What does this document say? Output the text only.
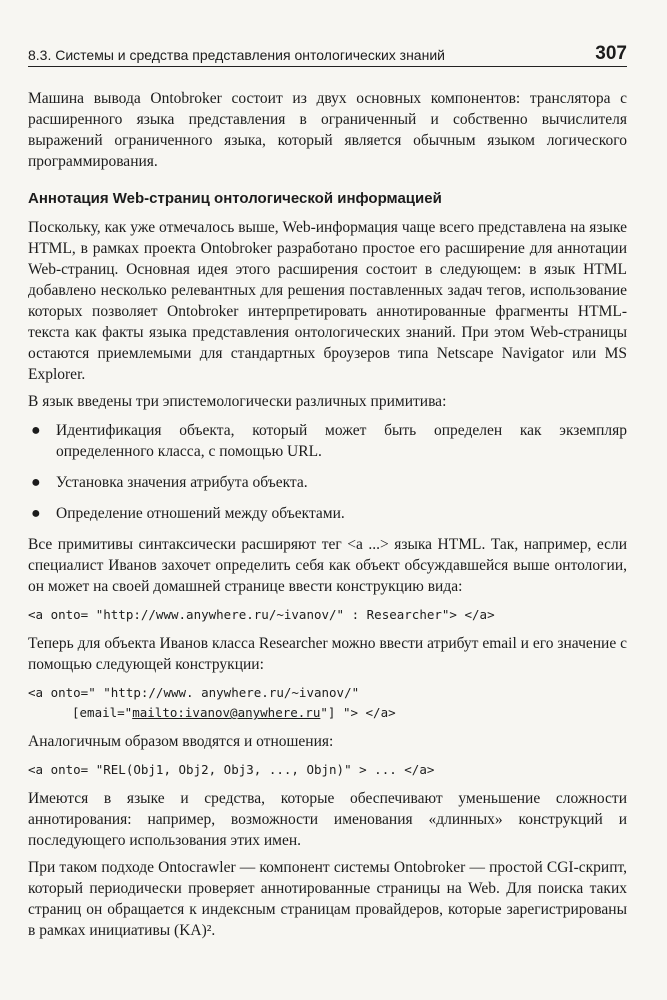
8.3. Системы и средства представления онтологических знаний	307

Машина вывода Ontobroker состоит из двух основных компонентов: транслятора с расширенного языка представления в ограниченный и собственно вычислителя выражений ограниченного языка, который является обычным языком логического программирования.

Аннотация Web-страниц онтологической информацией

Поскольку, как уже отмечалось выше, Web-информация чаще всего представлена на языке HTML, в рамках проекта Ontobroker разработано простое его расширение для аннотации Web-страниц. Основная идея этого расширения состоит в следующем: в язык HTML добавлено несколько релевантных для решения поставленных задач тегов, использование которых позволяет Ontobroker интерпретировать аннотированные фрагменты HTML-текста как факты языка представления онтологических знаний. При этом Web-страницы остаются приемлемыми для стандартных броузеров типа Netscape Navigator или MS Explorer.

В язык введены три эпистемологически различных примитива:

● Идентификация объекта, который может быть определен как экземпляр определенного класса, с помощью URL.
● Установка значения атрибута объекта.
● Определение отношений между объектами.

Все примитивы синтаксически расширяют тег <a ...> языка HTML. Так, например, если специалист Иванов захочет определить себя как объект обсуждавшейся выше онтологии, он может на своей домашней странице ввести конструкцию вида:

<a onto= "http://www.anywhere.ru/~ivanov/" : Researcher"> </a>

Теперь для объекта Иванов класса Researcher можно ввести атрибут email и его значение с помощью следующей конструкции:

<a onto=" "http://www. anywhere.ru/~ivanov/"
[email="mailto:ivanov@anywhere.ru"] "> </a>

Аналогичным образом вводятся и отношения:

<a onto= "REL(Obj1, Obj2, Obj3, ..., Objn)" > ... </a>

Имеются в языке и средства, которые обеспечивают уменьшение сложности аннотирования: например, возможности именования «длинных» конструкций и последующего использования этих имен.

При таком подходе Ontocrawler — компонент системы Ontobroker — простой CGI-скрипт, который периодически проверяет аннотированные страницы на Web. Для поиска таких страниц он обращается к индексным страницам провайдеров, которые зарегистрированы в рамках инициативы (KA)².
